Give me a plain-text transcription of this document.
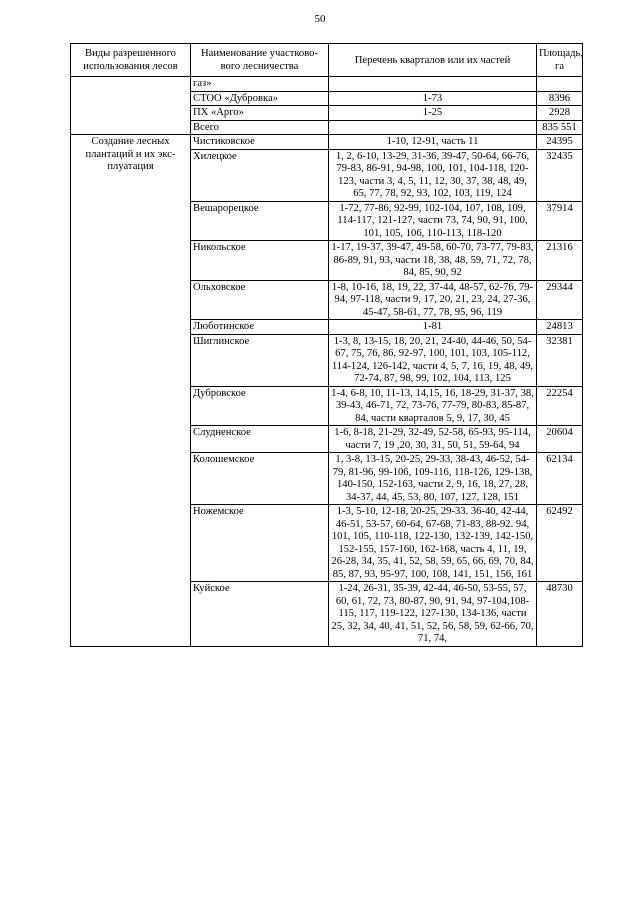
50
Виды разрешенного использования лесов	Наименование участково-вого лесничества	Перечень кварталов или их частей	Площадь, га
	газ»		
	СТОО «Дубровка»	1-73	8396
	ПХ «Арго»	1-25	2928
	Всего		835 551
Создание лесных плантаций и их экс-плуатация	Чистиковское	1-10, 12-91, часть 11	24395
	Хилецкое	1, 2, 6-10, 13-29, 31-36, 39-47, 50-64, 66-76, 79-83, 86-91, 94-98, 100, 101, 104-118, 120-123, части 3, 4, 5, 11, 12, 30, 37, 38, 48, 49, 65, 77, 78, 92, 93, 102, 103, 119, 124	32435
	Вешарорецкое	1-72, 77-86, 92-99, 102-104, 107, 108, 109, 114-117, 121-127, части 73, 74, 90, 91, 100, 101, 105, 106, 110-113, 118-120	37914
	Никольское	1-17, 19-37, 39-47, 49-58, 60-70, 73-77, 79-83, 86-89, 91, 93, части 18, 38, 48, 59, 71, 72, 78, 84, 85, 90, 92	21316
	Ольховское	1-8, 10-16, 18, 19, 22, 37-44, 48-57, 62-76, 79-94, 97-118, части 9, 17, 20, 21, 23, 24, 27-36, 45-47, 58-61, 77, 78, 95, 96, 119	29344
	Люботинское	1-81	24813
	Шиглинское	1-3, 8, 13-15, 18, 20, 21, 24-40, 44-46, 50, 54-67, 75, 76, 86, 92-97, 100, 101, 103, 105-112, 114-124, 126-142, части 4, 5, 7, 16, 19, 48, 49, 72-74, 87, 98, 99, 102, 104, 113, 125	32381
	Дубровское	1-4, 6-8, 10, 11-13, 14,15, 16, 18-29, 31-37, 38, 39-43, 46-71, 72, 73-76, 77-79, 80-83, 85-87, 84, части кварталов 5, 9, 17, 30, 45	22254
	Слудненское	1-6, 8-18, 21-29, 32-49, 52-58, 65-93, 95-114, части 7, 19 ,20, 30, 31, 50, 51, 59-64, 94	20604
	Колошемское	1, 3-8, 13-15, 20-25, 29-33, 38-43, 46-52, 54-79, 81-96, 99-106, 109-116, 118-126, 129-138, 140-150, 152-163, части 2, 9, 16, 18, 27, 28, 34-37, 44, 45, 53, 80, 107, 127, 128, 151	62134
	Ножемское	1-3, 5-10, 12-18, 20-25, 29-33. 36-40, 42-44, 46-51, 53-57, 60-64, 67-68, 71-83, 88-92. 94, 101, 105, 110-118, 122-130, 132-139, 142-150, 152-155, 157-160, 162-168, часть 4, 11, 19, 26-28, 34, 35, 41, 52, 58, 59, 65, 66, 69, 70, 84, 85, 87, 93, 95-97, 100, 108, 141, 151, 156, 161	62492
	Куйское	1-24, 26-31, 35-39, 42-44, 46-50, 53-55, 57, 60, 61, 72, 73, 80-87, 90, 91, 94, 97-104,108-115, 117, 119-122, 127-130, 134-136, части 25, 32, 34, 40, 41, 51, 52, 56, 58, 59, 62-66, 70, 71, 74,	48730
